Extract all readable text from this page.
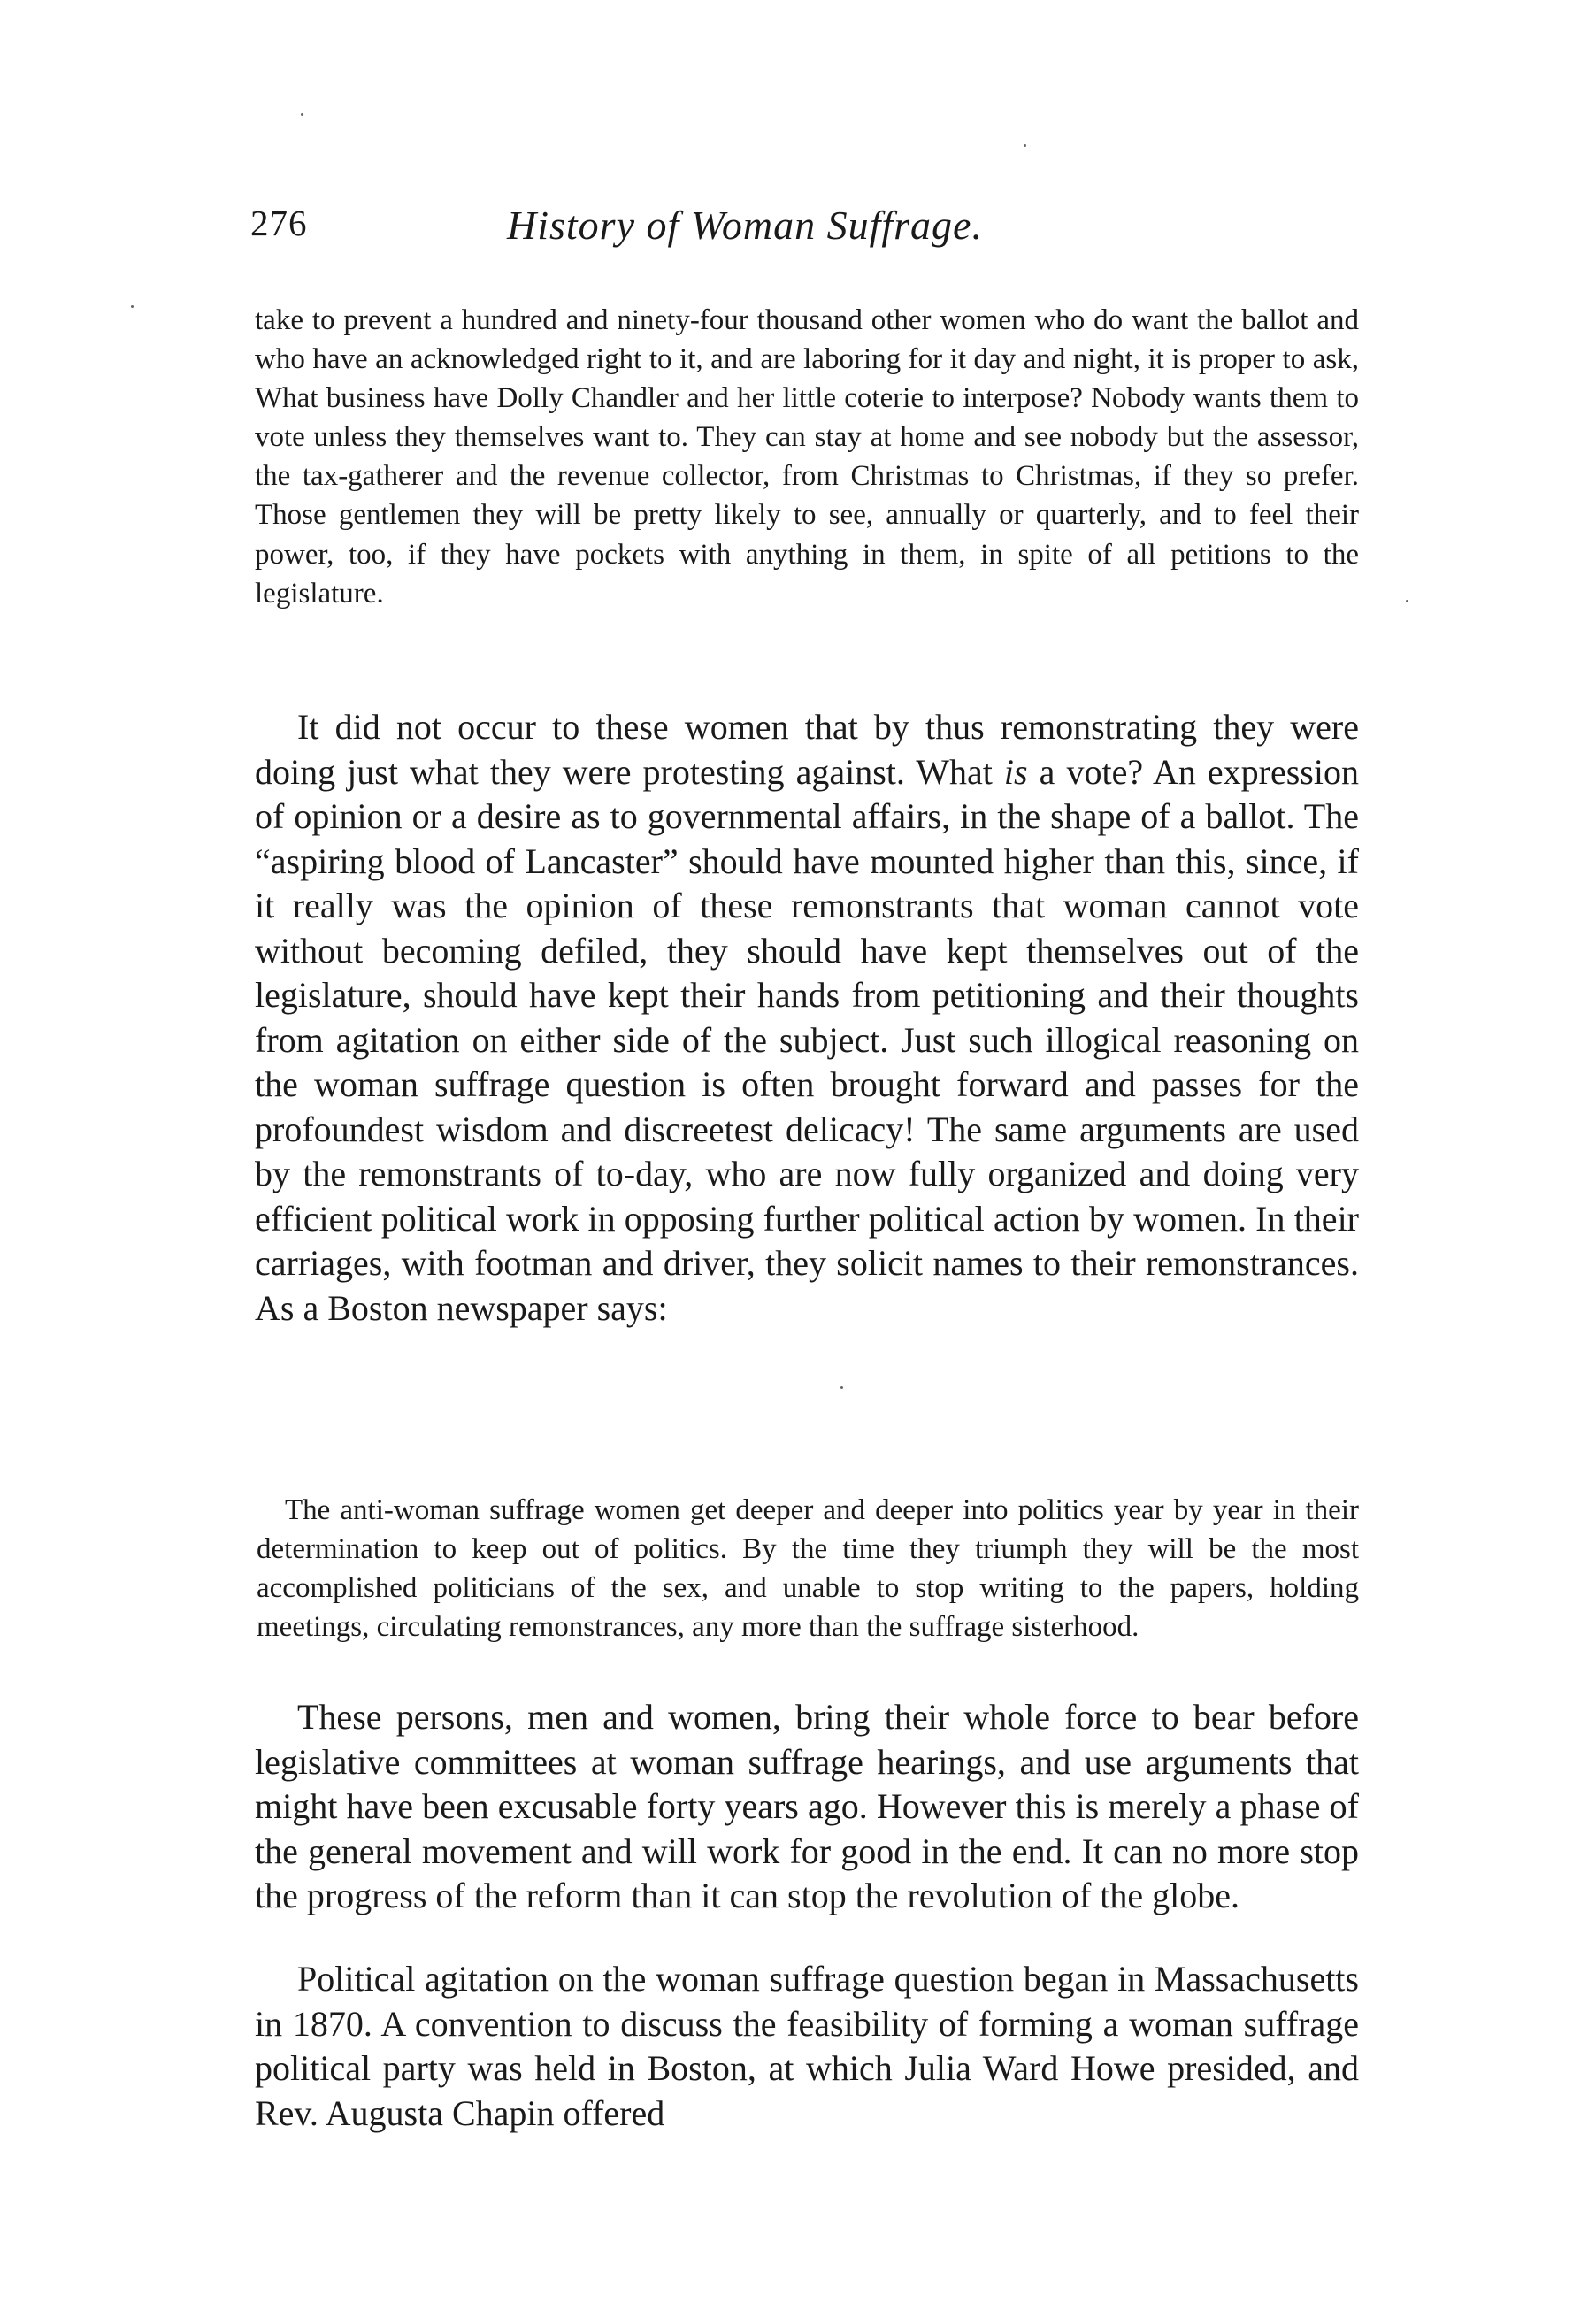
276	History of Woman Suffrage.

take to prevent a hundred and ninety-four thousand other women who do want the ballot and who have an acknowledged right to it, and are laboring for it day and night, it is proper to ask, What business have Dolly Chandler and her little coterie to interpose? Nobody wants them to vote unless they themselves want to. They can stay at home and see nobody but the assessor, the tax-gatherer and the revenue collector, from Christmas to Christmas, if they so prefer. Those gentlemen they will be pretty likely to see, annually or quarterly, and to feel their power, too, if they have pockets with anything in them, in spite of all petitions to the legislature.

It did not occur to these women that by thus remonstrating they were doing just what they were protesting against. What is a vote? An expression of opinion or a desire as to governmental affairs, in the shape of a ballot. The “aspiring blood of Lancaster” should have mounted higher than this, since, if it really was the opinion of these remonstrants that woman cannot vote without becoming defiled, they should have kept themselves out of the legislature, should have kept their hands from petitioning and their thoughts from agitation on either side of the subject. Just such illogical reasoning on the woman suffrage question is often brought forward and passes for the profoundest wisdom and discreetest delicacy! The same arguments are used by the remonstrants of to-day, who are now fully organized and doing very efficient political work in opposing further political action by women. In their carriages, with footman and driver, they solicit names to their remonstrances. As a Boston newspaper says:

The anti-woman suffrage women get deeper and deeper into politics year by year in their determination to keep out of politics. By the time they triumph they will be the most accomplished politicians of the sex, and unable to stop writing to the papers, holding meetings, circulating remonstrances, any more than the suffrage sisterhood.

These persons, men and women, bring their whole force to bear before legislative committees at woman suffrage hearings, and use arguments that might have been excusable forty years ago. However this is merely a phase of the general movement and will work for good in the end. It can no more stop the progress of the reform than it can stop the revolution of the globe.

Political agitation on the woman suffrage question began in Massachusetts in 1870. A convention to discuss the feasibility of forming a woman suffrage political party was held in Boston, at which Julia Ward Howe presided, and Rev. Augusta Chapin offered
